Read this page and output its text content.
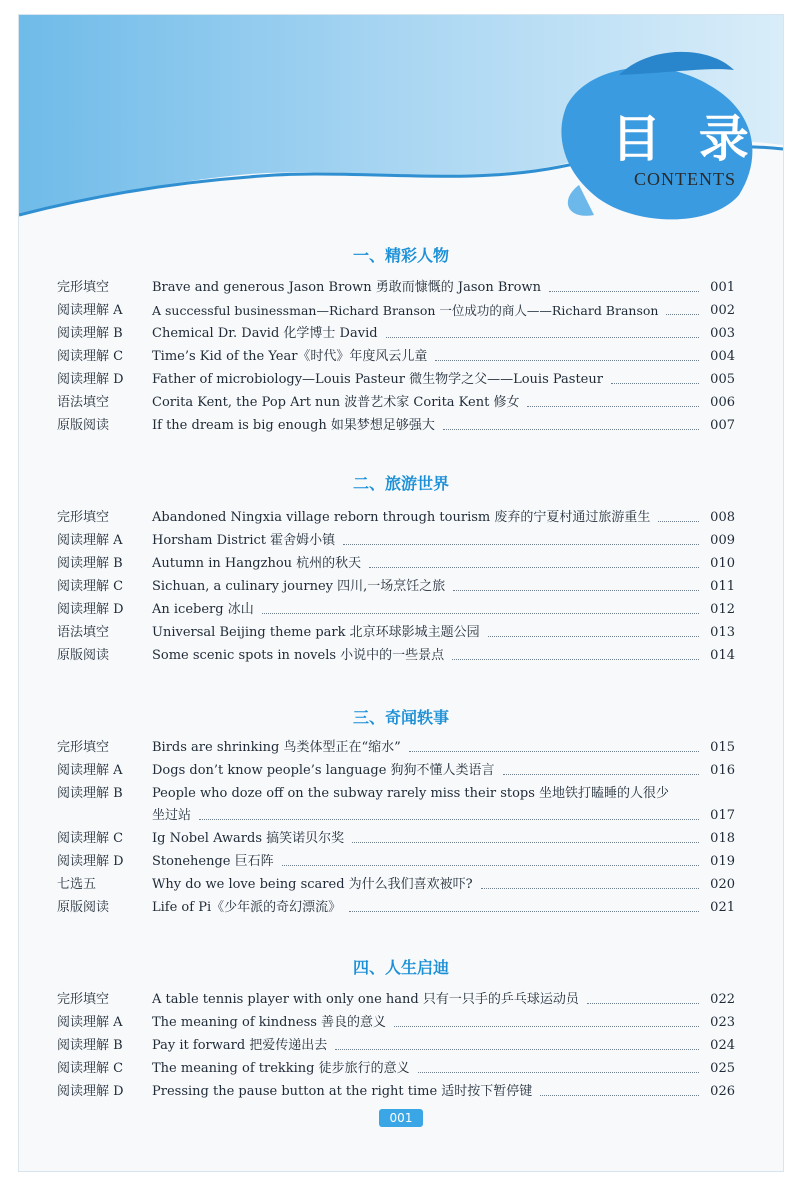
目 录
CONTENTS
一、精彩人物
完形填空	Brave and generous Jason Brown 勇敢而慷慨的 Jason Brown	001
阅读理解 A	A successful businessman—Richard Branson 一位成功的商人——Richard Branson	002
阅读理解 B	Chemical Dr. David 化学博士 David	003
阅读理解 C	Time’s Kid of the Year《时代》年度风云儿童	004
阅读理解 D	Father of microbiology—Louis Pasteur 微生物学之父——Louis Pasteur	005
语法填空	Corita Kent, the Pop Art nun 波普艺术家 Corita Kent 修女	006
原版阅读	If the dream is big enough 如果梦想足够强大	007
二、旅游世界
完形填空	Abandoned Ningxia village reborn through tourism 废弃的宁夏村通过旅游重生	008
阅读理解 A	Horsham District 霍舍姆小镇	009
阅读理解 B	Autumn in Hangzhou 杭州的秋天	010
阅读理解 C	Sichuan, a culinary journey 四川,一场烹饪之旅	011
阅读理解 D	An iceberg 冰山	012
语法填空	Universal Beijing theme park 北京环球影城主题公园	013
原版阅读	Some scenic spots in novels 小说中的一些景点	014
三、奇闻轶事
完形填空	Birds are shrinking 鸟类体型正在“缩水”	015
阅读理解 A	Dogs don’t know people’s language 狗狗不懂人类语言	016
阅读理解 B	People who doze off on the subway rarely miss their stops 坐地铁打瞌睡的人很少
坐过站	017
阅读理解 C	Ig Nobel Awards 搞笑诺贝尔奖	018
阅读理解 D	Stonehenge 巨石阵	019
七选五	Why do we love being scared 为什么我们喜欢被吓?	020
原版阅读	Life of Pi《少年派的奇幻漂流》	021
四、人生启迪
完形填空	A table tennis player with only one hand 只有一只手的乒乓球运动员	022
阅读理解 A	The meaning of kindness 善良的意义	023
阅读理解 B	Pay it forward 把爱传递出去	024
阅读理解 C	The meaning of trekking 徒步旅行的意义	025
阅读理解 D	Pressing the pause button at the right time 适时按下暂停键	026
001
